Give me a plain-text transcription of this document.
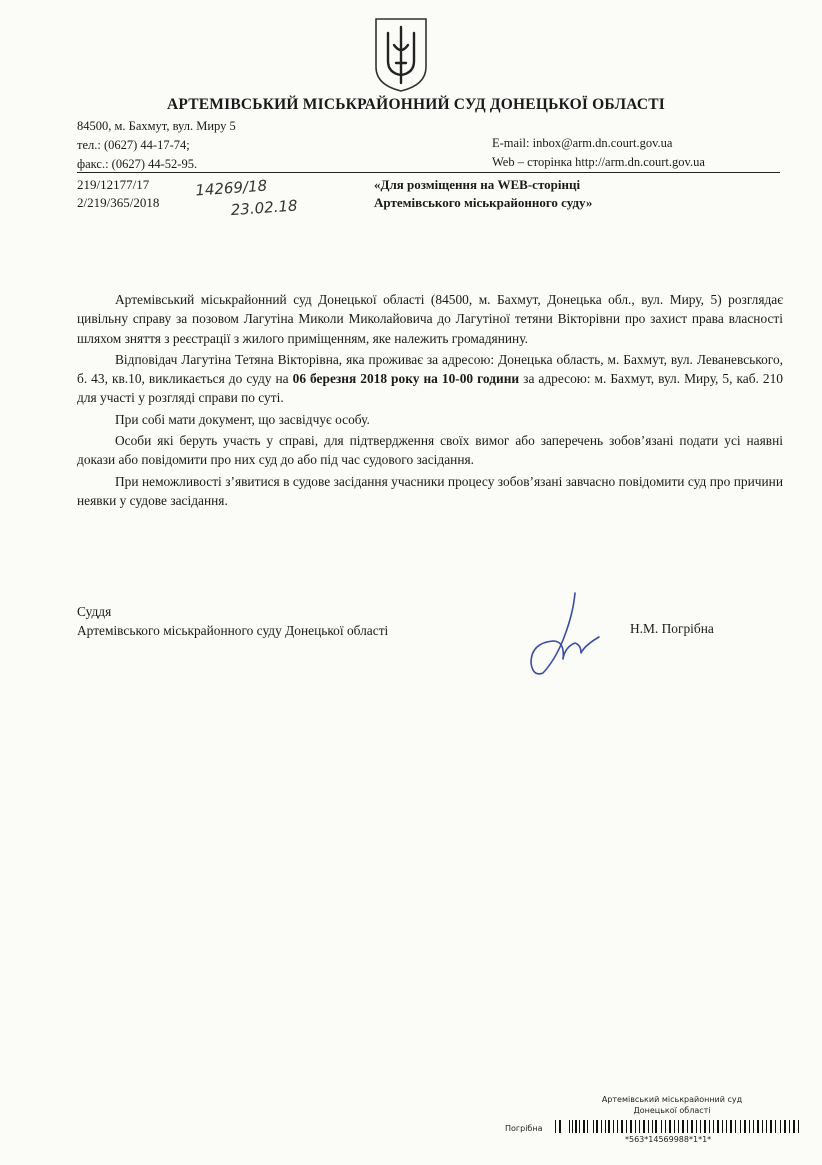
АРТЕМІВСЬКИЙ МІСЬКРАЙОННИЙ СУД ДОНЕЦЬКОЇ ОБЛАСТІ
84500, м. Бахмут, вул. Миру 5
тел.: (0627) 44-17-74;
факс.: (0627) 44-52-95.
E-mail: inbox@arm.dn.court.gov.ua
Web – сторінка http://arm.dn.court.gov.ua
219/12177/17
2/219/365/2018
14269/18
23.02.18
«Для розміщення на WEB-сторінці
Артемівського міськрайонного суду»

Артемівський міськрайонний суд Донецької області (84500, м. Бахмут, Донецька обл., вул. Миру, 5) розглядає цивільну справу за позовом Лагутіна Миколи Миколайовича до Лагутіної тетяни Вікторівни про захист права власності шляхом зняття з реєстрації з жилого приміщенням, яке належить громадянину.

Відповідач Лагутіна Тетяна Вікторівна, яка проживає за адресою: Донецька область, м. Бахмут, вул. Леваневського, б. 43, кв.10, викликається до суду на 06 березня 2018 року на 10-00 години за адресою: м. Бахмут, вул. Миру, 5, каб. 210 для участі у розгляді справи по суті.

При собі мати документ, що засвідчує особу.

Особи які беруть участь у справі, для підтвердження своїх вимог або заперечень зобов’язані подати усі наявні докази або повідомити про них суд до або під час судового засідання.

При неможливості з’явитися в судове засідання учасники процесу зобов’язані завчасно повідомити суд про причини неявки у судове засідання.

Суддя
Артемівського міськрайонного суду Донецької області	Н.М. Погрібна
Артемівський міськрайонний суд
Донецької області
Погрібна
*563*14569988*1*1*
